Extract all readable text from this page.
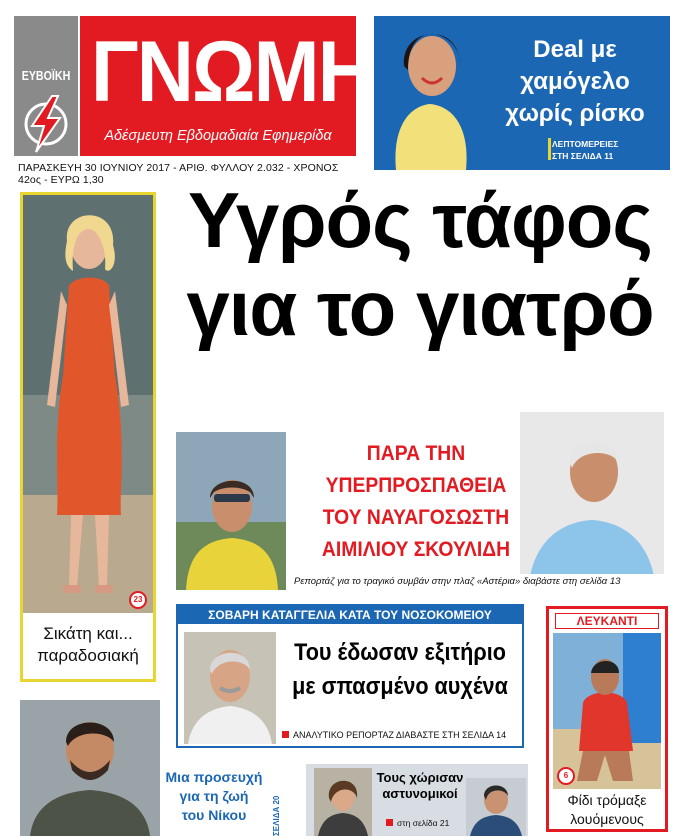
ΕΥΒΟΪΚΗ ΓΝΩΜΗ
Αδέσμευτη Εβδομαδιαία Εφημερίδα
ΠΑΡΑΣΚΕΥΗ 30 ΙΟΥΝΙΟΥ 2017 - ΑΡΙΘ. ΦΥΛΛΟΥ 2.032 - ΧΡΟΝΟΣ 42ος - ΕΥΡΩ 1,30
Deal με χαμόγελο
χωρίς ρίσκο
ΛΕΠΤΟΜΕΡΕΙΕΣ
ΣΤΗ ΣΕΛΙΔΑ 11
Υγρός τάφος
για το γιατρό
23
Σικάτη και...
παραδοσιακή
ΠΑΡΑ ΤΗΝ ΥΠΕΡΠΡΟΣΠΑΘΕΙΑ
ΤΟΥ ΝΑΥΑΓΟΣΩΣΤΗ
ΑΙΜΙΛΙΟΥ ΣΚΟΥΛΙΔΗ
Ρεπορτάζ για το τραγικό συμβάν στην πλαζ «Αστέρια» διαβάστε στη σελίδα 13
ΣΟΒΑΡΗ ΚΑΤΑΓΓΕΛΙΑ ΚΑΤΑ ΤΟΥ ΝΟΣΟΚΟΜΕΙΟΥ
Του έδωσαν εξιτήριο
με σπασμένο αυχένα
ΑΝΑΛΥΤΙΚΟ ΡΕΠΟΡΤΑΖ ΔΙΑΒΑΣΤΕ ΣΤΗ ΣΕΛΙΔΑ 14
ΛΕΥΚΑΝΤΙ
6
Φίδι τρόμαξε
λουόμενους
Μια προσευχή
για τη ζωή
του Νίκου	ΣΕΛΙΔΑ 20
Τους χώρισαν
αστυνομικοί
στη σελίδα 21
